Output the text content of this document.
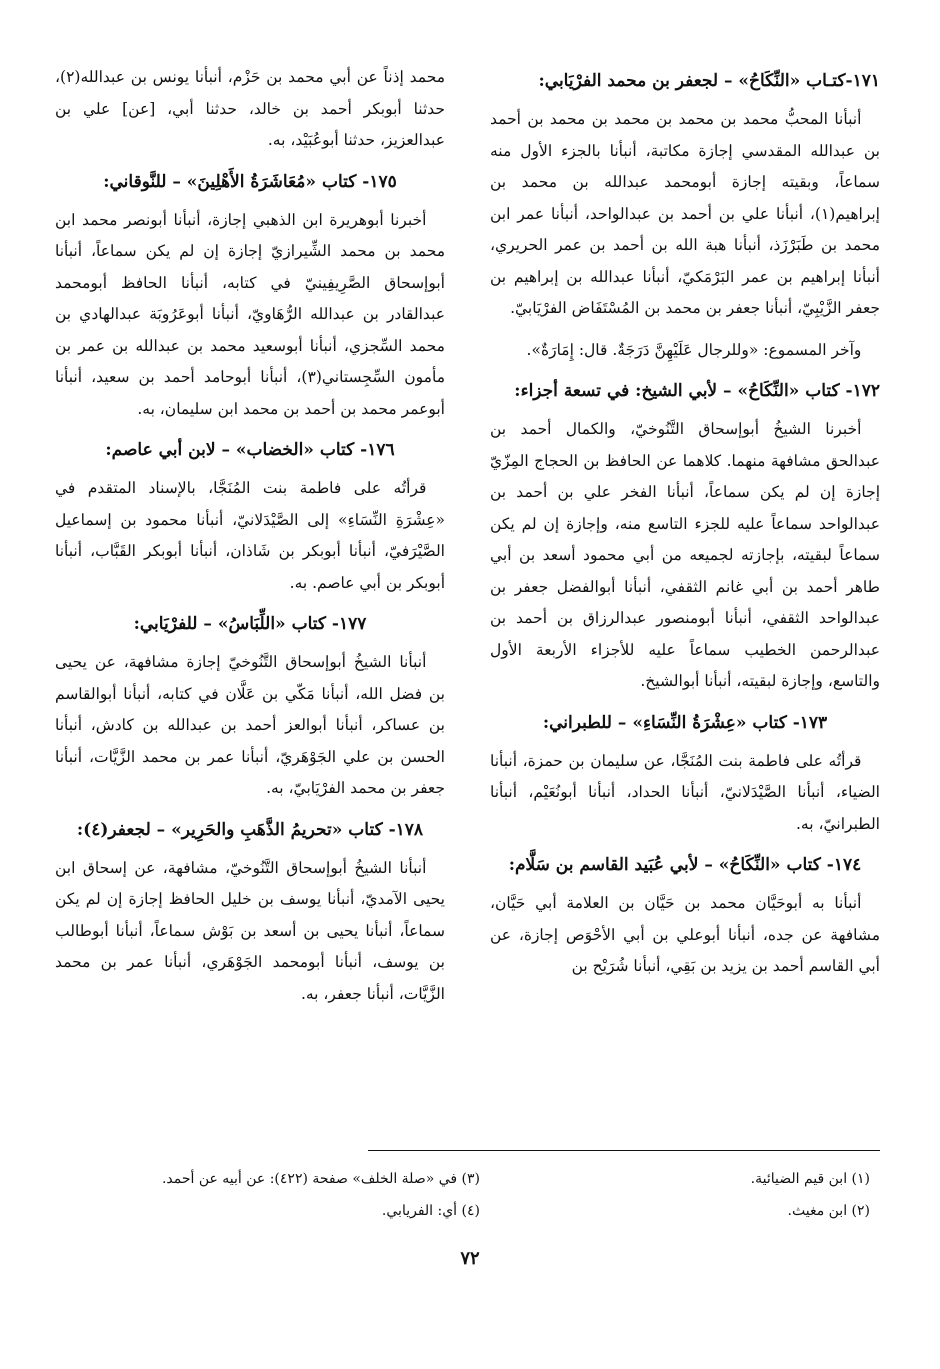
١٧١-كتـاب «النِّكَاحُ» – لجعفر بن محمد الفرْيَابي:

أنبأنا المحبُّ محمد بن محمد بن محمد بن محمد بن أحمد بن عبدالله المقدسي إجازة مكاتبة، أنبأنا بالجزء الأول منه سماعاً، وبقيته إجازة أبومحمد عبدالله بن محمد بن إبراهيم(١)، أنبأنا علي بن أحمد بن عبدالواحد، أنبأنا عمر ابن محمد بن طَبَرْزَذ، أنبأنا هبة الله بن أحمد بن عمر الحريري، أنبأنا إبراهيم بن عمر البَرْمَكيّ، أنبأنا عبدالله بن إبراهيم بن جعفر الزَّيْبِيّ، أنبأنا جعفر بن محمد بن المُسْتَفَاض الفرْيَابيّ.

وآخر المسموع: «وللرجال عَلَيْهِنَّ دَرَجَةٌ. قال: إِمَارَةٌ».

١٧٢- كتاب «النِّكَاحُ» – لأبي الشيخ: في تسعة أجزاء:

أخبرنا الشيخُ أبوإسحاق التَّنُوخيّ، والكمال أحمد بن عبدالحق مشافهة منهما. كلاهما عن الحافظ بن الحجاج المِزّيّ إجازة إن لم يكن سماعاً، أنبأنا الفخر علي بن أحمد بن عبدالواحد سماعاً عليه للجزء التاسع منه، وإجازة إن لم يكن سماعاً لبقيته، بإجازته لجميعه من أبي محمود أسعد بن أبي طاهر أحمد بن أبي غانم الثقفي، أنبأنا أبوالفضل جعفر بن عبدالواحد الثقفي، أنبأنا أبومنصور عبدالرزاق بن أحمد بن عبدالرحمن الخطيب سماعاً عليه للأجزاء الأربعة الأول والتاسع، وإجازة لبقيته، أنبأنا أبوالشيخ.

١٧٣- كتاب «عِشْرَةُ النِّسَاءِ» – للطبراني:

قرأتُه على فاطمة بنت المُنَجَّا، عن سليمان بن حمزة، أنبأنا الضياء، أنبأنا الصَّيْدَلانيّ، أنبأنا الحداد، أنبأنا أبونُعَيْم، أنبأنا الطبرانيّ، به.

١٧٤- كتاب «النِّكَاحُ» – لأبي عُبَيد القاسم بن سَلَّام:

أنبأنا به أبوحَيَّان محمد بن حَيَّان بن العلامة أبي حَيَّان، مشافهة عن جده، أنبأنا أبوعلي بن أبي الأحْوَص إجازة، عن أبي القاسم أحمد بن يزيد بن بَقِي، أنبأنا شُرَيْح بن

محمد إذناً عن أبي محمد بن حَزْم، أنبأنا يونس بن عبدالله(٢)، حدثنا أبوبكر أحمد بن خالد، حدثنا أبي، [عن] علي بن عبدالعزيز، حدثنا أبوعُبَيْد، به.

١٧٥- كتاب «مُعَاشَرَةُ الأَهْلِينَ» – للنَّوقاني:

أخبرنا أبوهريرة ابن الذهبي إجازة، أنبأنا أبونصر محمد ابن محمد بن محمد الشِّيرازيّ إجازة إن لم يكن سماعاً، أنبأنا أبوإسحاق الصَّرِيفِينيّ في كتابه، أنبأنا الحافظ أبومحمد عبدالقادر بن عبدالله الرُّهَاويّ، أنبأنا أبوعَرُوبَة عبدالهادي بن محمد السِّجزي، أنبأنا أبوسعيد محمد بن عبدالله بن عمر بن مأمون السِّجِستاني(٣)، أنبأنا أبوحامد أحمد بن سعيد، أنبأنا أبوعمر محمد بن أحمد بن محمد ابن سليمان، به.

١٧٦- كتاب «الخضاب» – لابن أبي عاصم:

قرأتُه على فاطمة بنت المُنَجَّا، بالإسناد المتقدم في «عِشْرَةِ النِّسَاءِ» إلى الصَّيْدَلانيّ، أنبأنا محمود بن إسماعيل الصَّيْرَفيّ، أنبأنا أبوبكر بن شَاذان، أنبأنا أبوبكر القَبَّاب، أنبأنا أبوبكر بن أبي عاصم. به.

١٧٧- كتاب «اللِّبَاسُ» – للفرْيَابي:

أنبأنا الشيخُ أبوإسحاق التَّنُوخيّ إجازة مشافهة، عن يحيى بن فضل الله، أنبأنا مَكّي بن عَلَّان في كتابه، أنبأنا أبوالقاسم بن عساكر، أنبأنا أبوالعز أحمد بن عبدالله بن كادش، أنبأنا الحسن بن علي الجَوْهَريّ، أنبأنا عمر بن محمد الزَّيَّات، أنبأنا جعفر بن محمد الفرْيَابيّ، به.

١٧٨- كتاب «تحريمُ الذَّهَبِ والحَرِير» – لجعفر(٤):

أنبأنا الشيخُ أبوإسحاق التَّنُوخيّ، مشافهة، عن إسحاق ابن يحيى الآمديّ، أنبأنا يوسف بن خليل الحافظ إجازة إن لم يكن سماعاً، أنبأنا يحيى بن أسعد بن بَوْش سماعاً، أنبأنا أبوطالب بن يوسف، أنبأنا أبومحمد الجَوْهَري، أنبأنا عمر بن محمد الزَّيَّات، أنبأنا جعفر، به.

(١) ابن قيم الضيائية.
(٢) ابن مغيث.
(٣) في «صلة الخلف» صفحة (٤٢٢): عن أبيه عن أحمد.
(٤) أي: الفريابي.
٧٢
